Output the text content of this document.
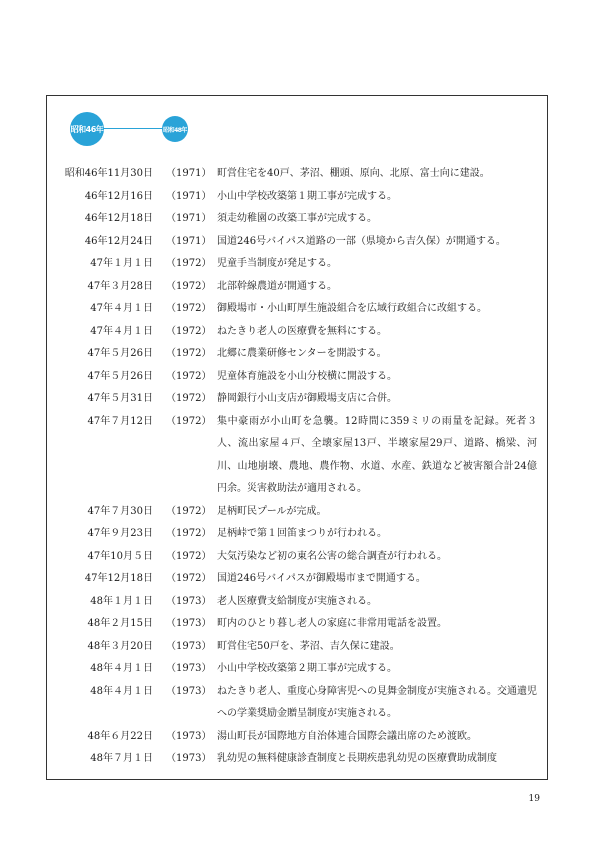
昭和46年	昭和48年
昭和46年11月30日 （1971） 町営住宅を40戸、茅沼、棚頭、原向、北原、富士向に建設。
46年12月16日 （1971） 小山中学校改築第１期工事が完成する。
46年12月18日 （1971） 須走幼稚園の改築工事が完成する。
46年12月24日 （1971） 国道246号バイパス道路の一部（県境から吉久保）が開通する。
47年１月１日 （1972） 児童手当制度が発足する。
47年３月28日 （1972） 北部幹線農道が開通する。
47年４月１日 （1972） 御殿場市・小山町厚生施設組合を広域行政組合に改組する。
47年４月１日 （1972） ねたきり老人の医療費を無料にする。
47年５月26日 （1972） 北郷に農業研修センターを開設する。
47年５月26日 （1972） 児童体育施設を小山分校横に開設する。
47年５月31日 （1972） 静岡銀行小山支店が御殿場支店に合併。
47年７月12日 （1972） 集中豪雨が小山町を急襲。12時間に359ミリの雨量を記録。死者３人、流出家屋４戸、全壊家屋13戸、半壊家屋29戸、道路、橋梁、河川、山地崩壊、農地、農作物、水道、水産、鉄道など被害額合計24億円余。災害救助法が適用される。
47年７月30日 （1972） 足柄町民プールが完成。
47年９月23日 （1972） 足柄峠で第１回笛まつりが行われる。
47年10月５日 （1972） 大気汚染など初の東名公害の総合調査が行われる。
47年12月18日 （1972） 国道246号バイパスが御殿場市まで開通する。
48年１月１日 （1973） 老人医療費支給制度が実施される。
48年２月15日 （1973） 町内のひとり暮し老人の家庭に非常用電話を設置。
48年３月20日 （1973） 町営住宅50戸を、茅沼、吉久保に建設。
48年４月１日 （1973） 小山中学校改築第２期工事が完成する。
48年４月１日 （1973） ねたきり老人、重度心身障害児への見舞金制度が実施される。交通遺児への学業奨励金贈呈制度が実施される。
48年６月22日 （1973） 湯山町長が国際地方自治体連合国際会議出席のため渡欧。
48年７月１日 （1973） 乳幼児の無料健康診査制度と長期疾患乳幼児の医療費助成制度
19
